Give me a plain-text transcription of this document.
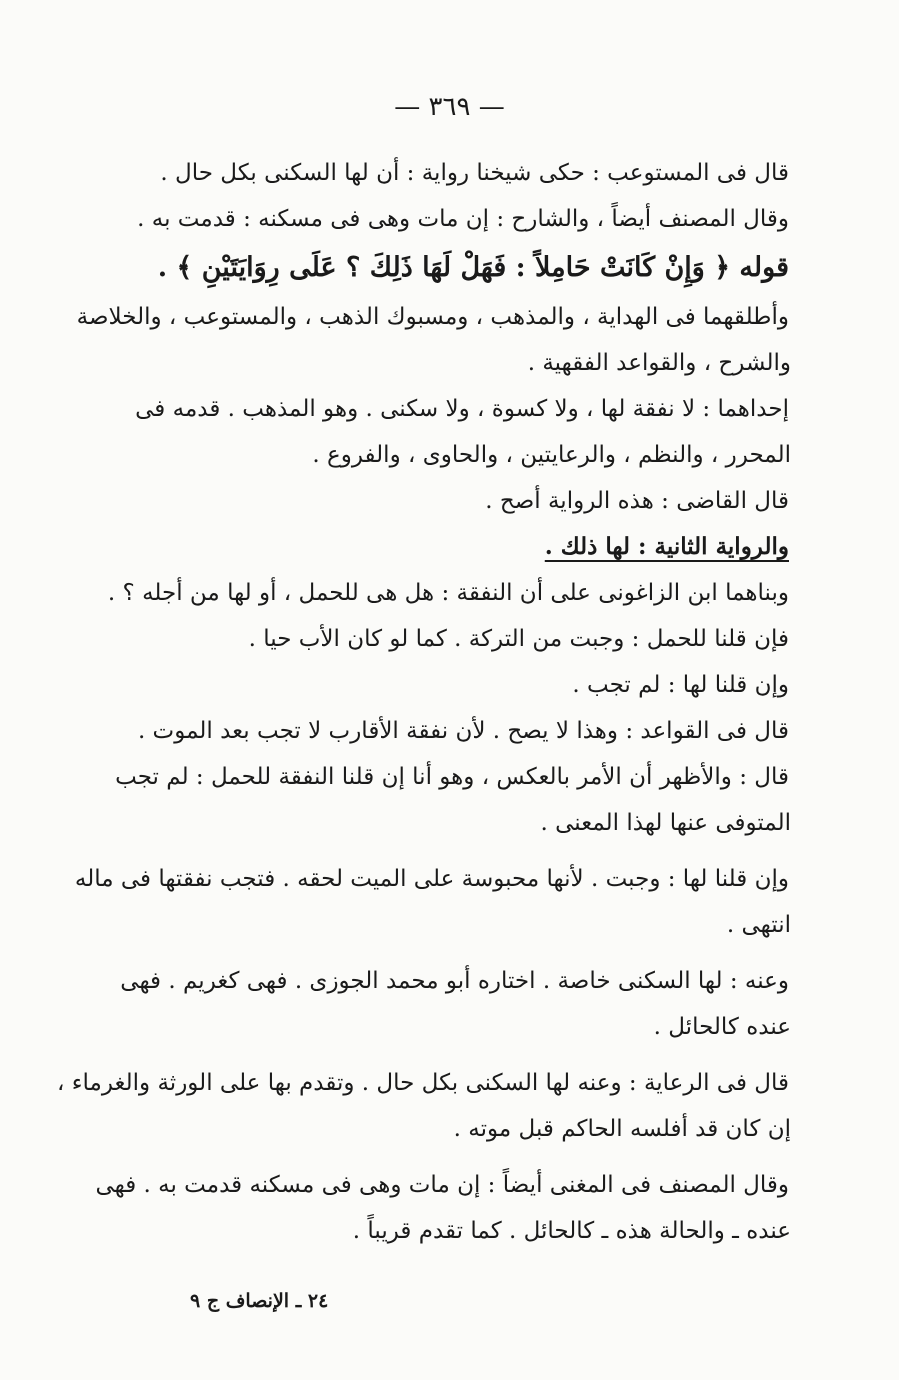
— ٣٦٩ —

قال فى المستوعب : حكى شيخنا رواية : أن لها السكنى بكل حال .

وقال المصنف أيضاً ، والشارح : إن مات وهى فى مسكنه : قدمت به .

قوله ﴿ وَإِنْ كَانَتْ حَامِلاً : فَهَلْ لَهَا ذَلِكَ ؟ عَلَى رِوَايَتَيْنِ ﴾ .

وأطلقهما فى الهداية ، والمذهب ، ومسبوك الذهب ، والمستوعب ، والخلاصة

والشرح ، والقواعد الفقهية .

إحداهما : لا نفقة لها ، ولا كسوة ، ولا سكنى . وهو المذهب . قدمه فى

المحرر ، والنظم ، والرعايتين ، والحاوى ، والفروع .

قال القاضى : هذه الرواية أصح .

والرواية الثانية : لها ذلك .

وبناهما ابن الزاغونى على أن النفقة : هل هى للحمل ، أو لها من أجله ؟ .

فإن قلنا للحمل : وجبت من التركة . كما لو كان الأب حيا .

وإن قلنا لها : لم تجب .

قال فى القواعد : وهذا لا يصح . لأن نفقة الأقارب لا تجب بعد الموت .

قال : والأظهر أن الأمر بالعكس ، وهو أنا إن قلنا النفقة للحمل : لم تجب

المتوفى عنها لهذا المعنى .

وإن قلنا لها : وجبت . لأنها محبوسة على الميت لحقه . فتجب نفقتها فى ماله

انتهى .

وعنه : لها السكنى خاصة . اختاره أبو محمد الجوزى . فهى كغريم . فهى

عنده كالحائل .

قال فى الرعاية : وعنه لها السكنى بكل حال . وتقدم بها على الورثة والغرماء ،

إن كان قد أفلسه الحاكم قبل موته .

وقال المصنف فى المغنى أيضاً : إن مات وهى فى مسكنه قدمت به . فهى

عنده ـ والحالة هذه ـ كالحائل . كما تقدم قريباً .

٢٤ ـ الإنصاف ج ٩
